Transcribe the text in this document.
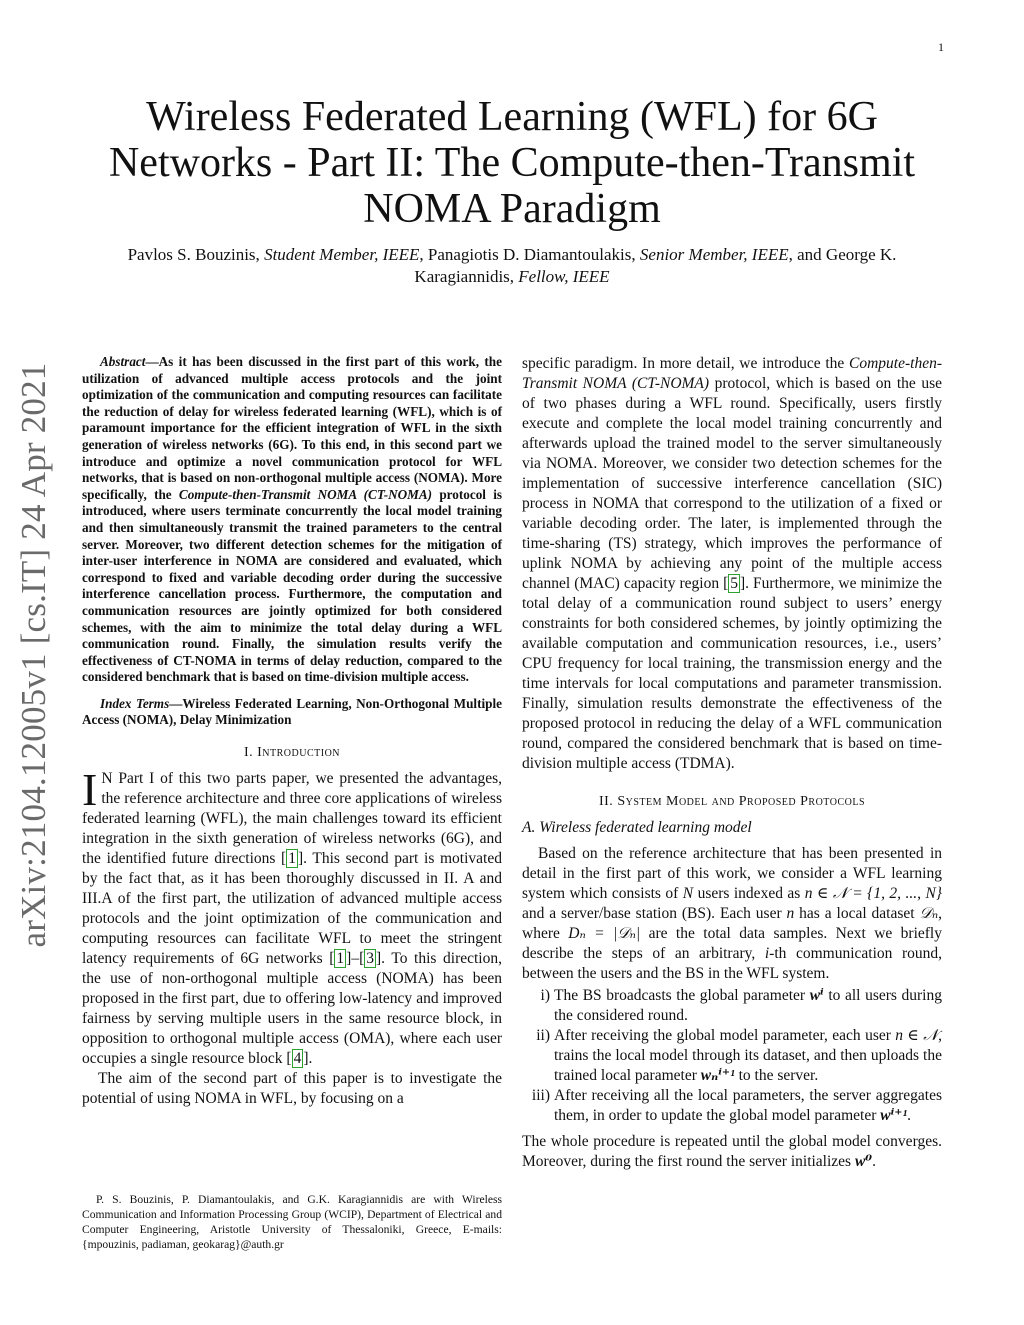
1
arXiv:2104.12005v1 [cs.IT] 24 Apr 2021
Wireless Federated Learning (WFL) for 6G
Networks - Part II: The Compute-then-Transmit
NOMA Paradigm
Pavlos S. Bouzinis, Student Member, IEEE, Panagiotis D. Diamantoulakis, Senior Member, IEEE, and George K. Karagiannidis, Fellow, IEEE

Abstract—As it has been discussed in the first part of this work, the utilization of advanced multiple access protocols and the joint optimization of the communication and computing resources can facilitate the reduction of delay for wireless federated learning (WFL), which is of paramount importance for the efficient integration of WFL in the sixth generation of wireless networks (6G). To this end, in this second part we introduce and optimize a novel communication protocol for WFL networks, that is based on non-orthogonal multiple access (NOMA). More specifically, the Compute-then-Transmit NOMA (CT-NOMA) protocol is introduced, where users terminate concurrently the local model training and then simultaneously transmit the trained parameters to the central server. Moreover, two different detection schemes for the mitigation of inter-user interference in NOMA are considered and evaluated, which correspond to fixed and variable decoding order during the successive interference cancellation process. Furthermore, the computation and communication resources are jointly optimized for both considered schemes, with the aim to minimize the total delay during a WFL communication round. Finally, the simulation results verify the effectiveness of CT-NOMA in terms of delay reduction, compared to the considered benchmark that is based on time-division multiple access.

Index Terms—Wireless Federated Learning, Non-Orthogonal Multiple Access (NOMA), Delay Minimization

I. Introduction

I N Part I of this two parts paper, we presented the advantages, the reference architecture and three core applications of wireless federated learning (WFL), the main challenges toward its efficient integration in the sixth generation of wireless networks (6G), and the identified future directions [ 1 ]. This second part is motivated by the fact that, as it has been thoroughly discussed in II. A and III.A of the first part, the utilization of advanced multiple access protocols and the joint optimization of the communication and computing resources can facilitate WFL to meet the stringent latency requirements of 6G networks [ 1 ]–[ 3 ]. To this direction, the use of non-orthogonal multiple access (NOMA) has been proposed in the first part, due to offering low-latency and improved fairness by serving multiple users in the same resource block, in opposition to orthogonal multiple access (OMA), where each user occupies a single resource block [ 4 ].

The aim of the second part of this paper is to investigate the potential of using NOMA in WFL, by focusing on a

P. S. Bouzinis, P. Diamantoulakis, and G.K. Karagiannidis are with Wireless Communication and Information Processing Group (WCIP), Department of Electrical and Computer Engineering, Aristotle University of Thessaloniki, Greece, E-mails: {mpouzinis, padiaman, geokarag}@auth.gr

specific paradigm. In more detail, we introduce the Compute-then-Transmit NOMA (CT-NOMA) protocol, which is based on the use of two phases during a WFL round. Specifically, users firstly execute and complete the local model training concurrently and afterwards upload the trained model to the server simultaneously via NOMA. Moreover, we consider two detection schemes for the implementation of successive interference cancellation (SIC) process in NOMA that correspond to the utilization of a fixed or variable decoding order. The later, is implemented through the time-sharing (TS) strategy, which improves the performance of uplink NOMA by achieving any point of the multiple access channel (MAC) capacity region [ 5 ]. Furthermore, we minimize the total delay of a communication round subject to users’ energy constraints for both considered schemes, by jointly optimizing the available computation and communication resources, i.e., users’ CPU frequency for local training, the transmission energy and the time intervals for local computations and parameter transmission. Finally, simulation results demonstrate the effectiveness of the proposed protocol in reducing the delay of a WFL communication round, compared the considered benchmark that is based on time-division multiple access (TDMA).

II. System Model and Proposed Protocols
A. Wireless federated learning model

Based on the reference architecture that has been presented in detail in the first part of this work, we consider a WFL learning system which consists of N users indexed as n ∈ 𝒩 = {1, 2, ..., N} and a server/base station (BS). Each user n has a local dataset 𝒟ₙ, where Dₙ = |𝒟ₙ| are the total data samples. Next we briefly describe the steps of an arbitrary, i-th communication round, between the users and the BS in the WFL system.

i) The BS broadcasts the global parameter wⁱ to all users during the considered round.
ii) After receiving the global model parameter, each user n ∈ 𝒩, trains the local model through its dataset, and then uploads the trained local parameter wₙⁱ⁺¹ to the server.
iii) After receiving all the local parameters, the server aggregates them, in order to update the global model parameter wⁱ⁺¹.

The whole procedure is repeated until the global model converges. Moreover, during the first round the server initializes w⁰.
